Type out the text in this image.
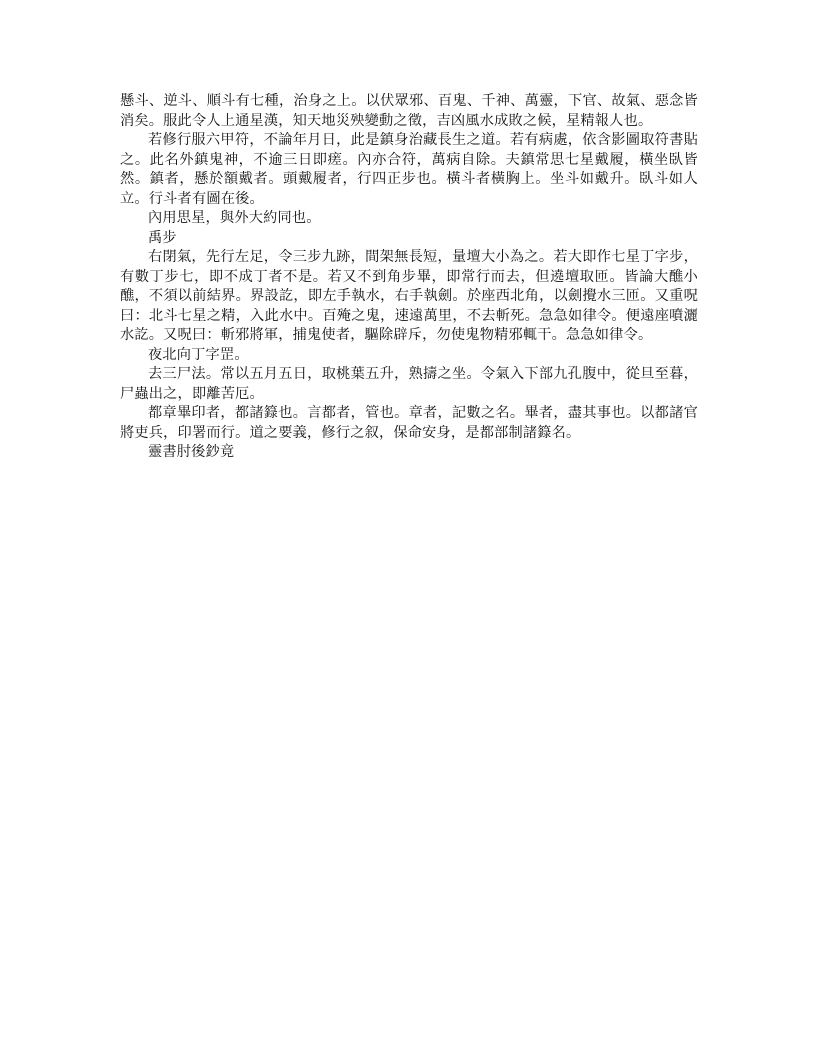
懸斗、逆斗、順斗有七種，治身之上。以伏眾邪、百鬼、千神、萬靈，下官、故氣、惡念皆消矣。服此令人上通星漢，知天地災殃變動之徵，吉凶風水成敗之候，星精報人也。

若修行服六甲符，不論年月日，此是鎮身治藏長生之道。若有病處，依含影圖取符書貼之。此名外鎮鬼神，不逾三日即瘥。內亦合符，萬病自除。夫鎮常思七星戴履，橫坐臥皆然。鎮者，懸於額戴者。頭戴履者，行四正步也。橫斗者橫胸上。坐斗如戴升。臥斗如人立。行斗者有圖在後。

內用思星，與外大約同也。

禹步

右閉氣，先行左足，令三步九跡，間架無長短，量壇大小為之。若大即作七星丁字步，有數丁步七，即不成丁者不是。若又不到角步畢，即常行而去，但遶壇取匝。皆論大醮小醮，不須以前結界。界設訖，即左手執水，右手執劍。於座西北角，以劍攪水三匝。又重呪曰：北斗七星之精，入此水中。百殗之鬼，速遠萬里，不去斬死。急急如律令。便遠座噴灑水訖。又呪曰：斬邪將軍，捕鬼使者，驅除辟斥，勿使鬼物精邪輒干。急急如律令。

夜北向丁字罡。

去三尸法。常以五月五日，取桃葉五升，熟擣之坐。令氣入下部九孔腹中，從旦至暮，尸蟲出之，即離苦厄。

都章畢印者，都諸籙也。言都者，管也。章者，記數之名。畢者，盡其事也。以都諸官將吏兵，印署而行。道之要義，修行之叙，保命安身，是都部制諸籙名。

靈書肘後鈔竟
